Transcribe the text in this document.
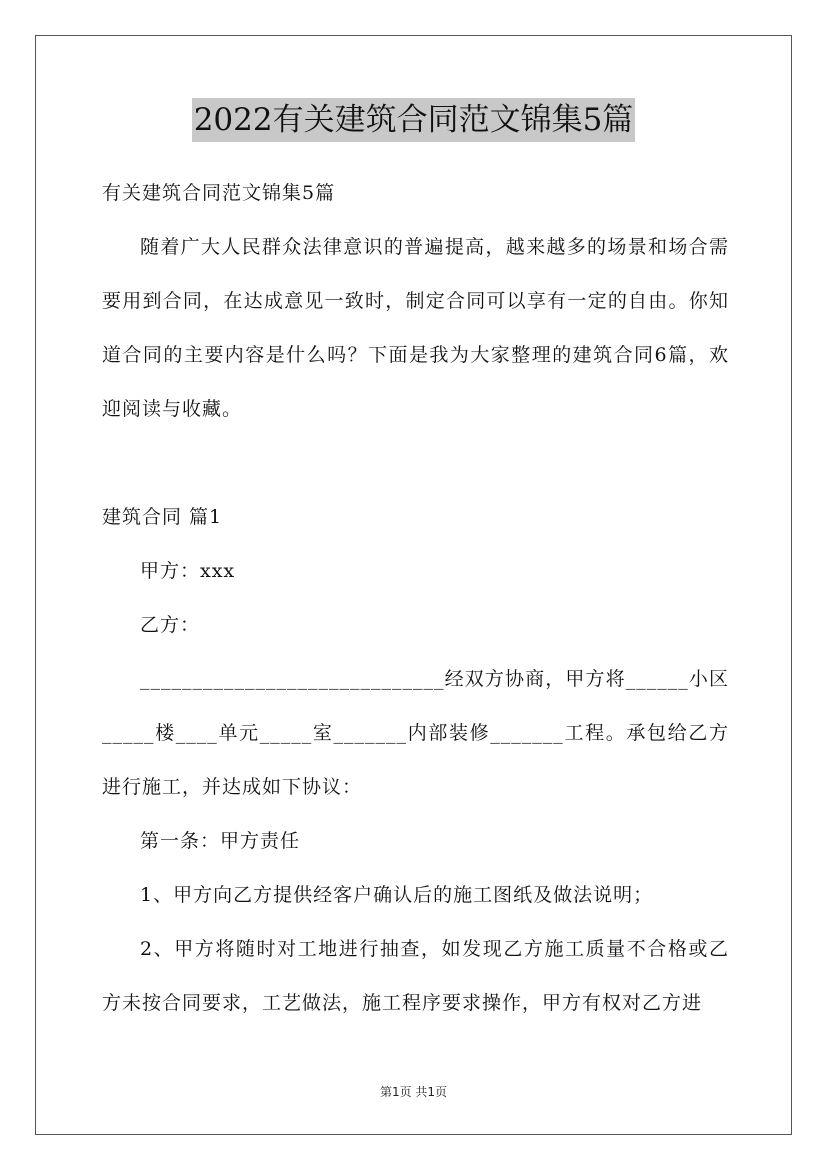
2022有关建筑合同范文锦集5篇

有关建筑合同范文锦集5篇

随着广大人民群众法律意识的普遍提高，越来越多的场景和场合需要用到合同，在达成意见一致时，制定合同可以享有一定的自由。你知道合同的主要内容是什么吗？下面是我为大家整理的建筑合同6篇，欢迎阅读与收藏。

建筑合同 篇1

甲方：xxx

乙方：

_____________________________经双方协商，甲方将______小区_____楼____单元_____室_______内部装修_______工程。承包给乙方进行施工，并达成如下协议：

第一条：甲方责任

1、甲方向乙方提供经客户确认后的施工图纸及做法说明；

2、甲方将随时对工地进行抽查，如发现乙方施工质量不合格或乙方未按合同要求，工艺做法，施工程序要求操作，甲方有权对乙方进

第1页 共1页
